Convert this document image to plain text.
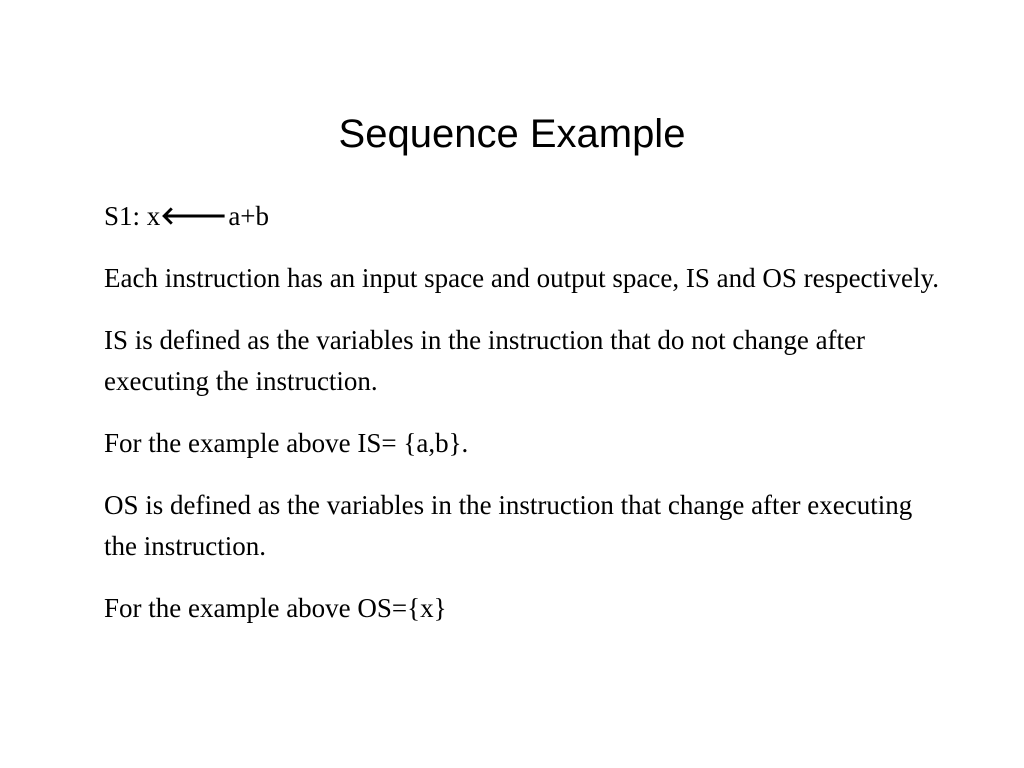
Sequence Example

S1: x🡐a+b

Each instruction has an input space and output space, IS and OS respectively.

IS is defined as the variables in the instruction that do not change after executing the instruction.

For the example above IS= {a,b}.

OS is defined as the variables in the instruction that change after executing the instruction.

For the example above OS={x}
